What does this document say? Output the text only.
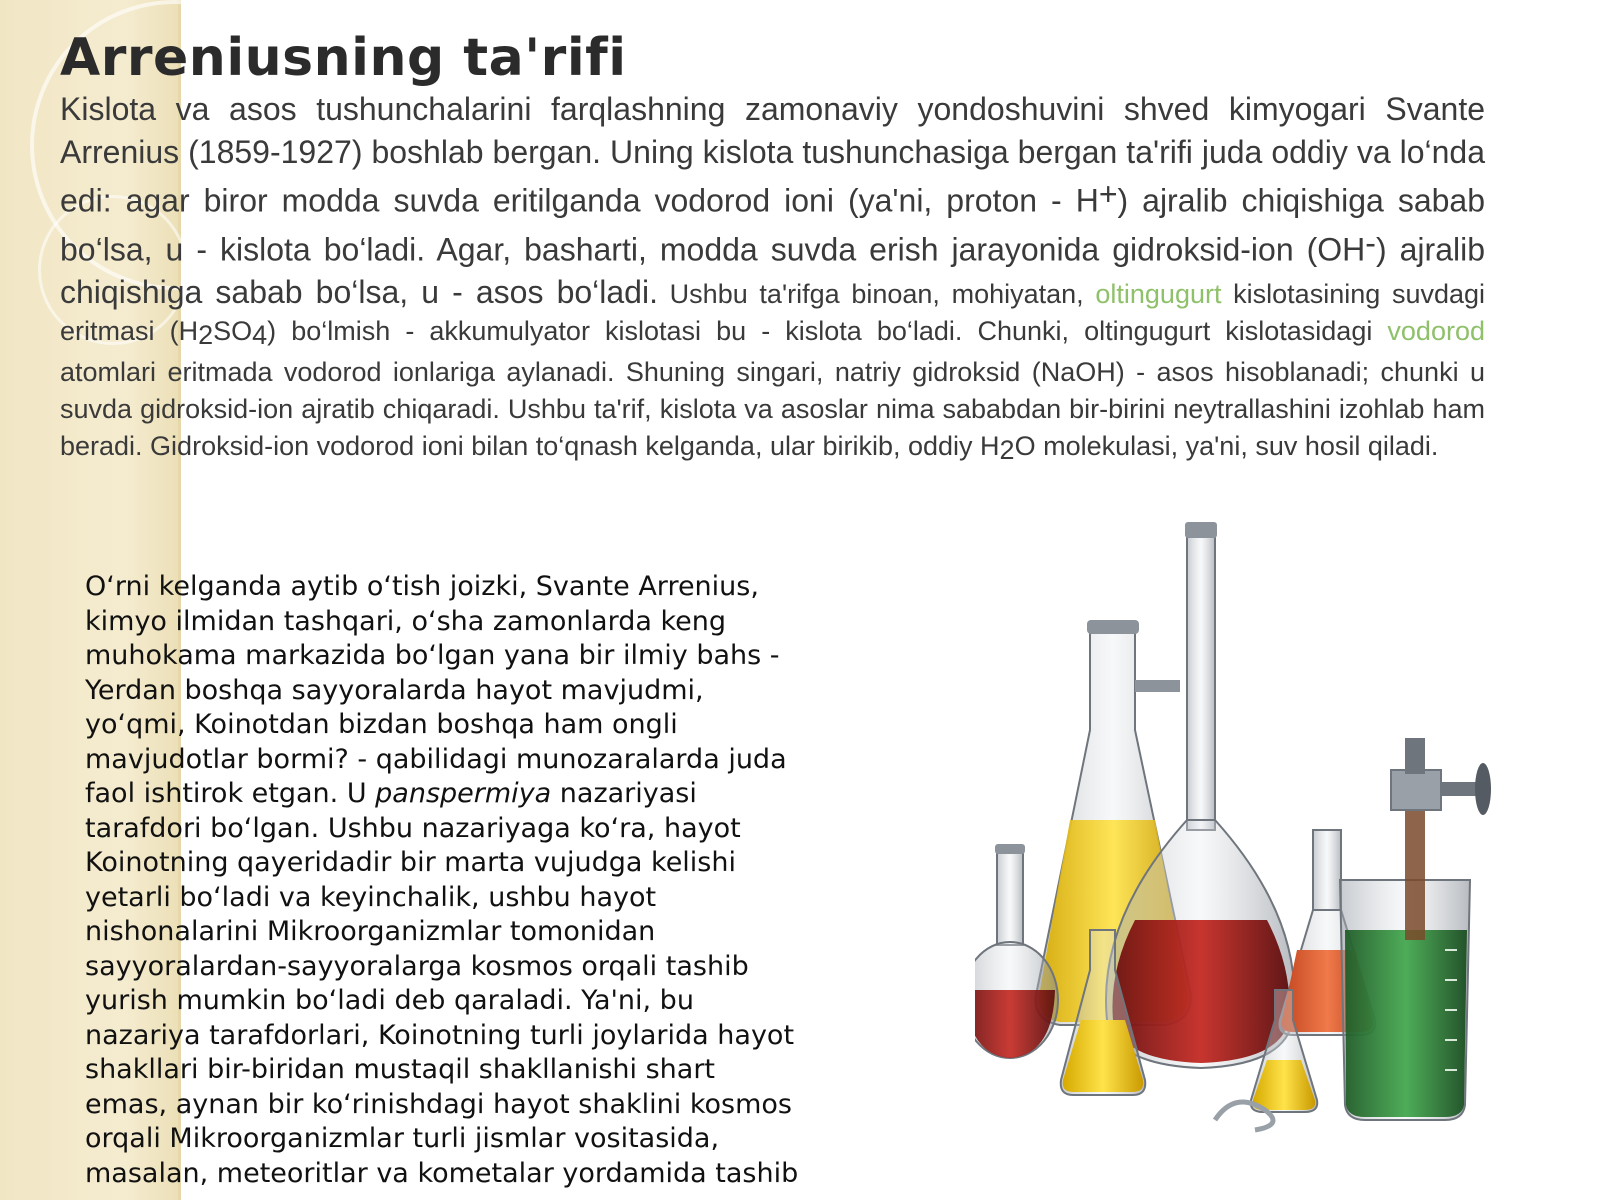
Arreniusning ta'rifi

Kislota va asos tushunchalarini farqlashning zamonaviy yondoshuvini shved kimyogari Svante Arrenius (1859-1927) boshlab bergan. Uning kislota tushunchasiga bergan ta'rifi juda oddiy va lo‘nda edi: agar biror modda suvda eritilganda vodorod ioni (ya'ni, proton - H+) ajralib chiqishiga sabab bo‘lsa, u - kislota bo‘ladi. Agar, basharti, modda suvda erish jarayonida gidroksid-ion (OH-) ajralib chiqishiga sabab bo‘lsa, u - asos bo‘ladi. Ushbu ta'rifga binoan, mohiyatan, oltingugurt kislotasining suvdagi eritmasi $(H_2SO_4)$ bo‘lmish - akkumulyator kislotasi bu - kislota bo‘ladi. Chunki, oltingugurt kislotasidagi vodorod atomlari eritmada vodorod ionlariga aylanadi. Shuning singari, natriy gidroksid (NaOH) - asos hisoblanadi; chunki u suvda gidroksid-ion ajratib chiqaradi. Ushbu ta'rif, kislota va asoslar nima sababdan bir-birini neytrallashini izohlab ham beradi. Gidroksid-ion vodorod ioni bilan to‘qnash kelganda, ular birikib, oddiy $H_2O$ molekulasi, ya'ni, suv hosil qiladi.

O‘rni kelganda aytib o‘tish joizki, Svante Arrenius, kimyo ilmidan tashqari, o‘sha zamonlarda keng muhokama markazida bo‘lgan yana bir ilmiy bahs - Yerdan boshqa sayyoralarda hayot mavjudmi, yo‘qmi, Koinotdan bizdan boshqa ham ongli mavjudotlar bormi? - qabilidagi munozaralarda juda faol ishtirok etgan. U panspermiya nazariyasi tarafdori bo‘lgan. Ushbu nazariyaga ko‘ra, hayot Koinotning qayeridadir bir marta vujudga kelishi yetarli bo‘ladi va keyinchalik, ushbu hayot nishonalarini Mikroorganizmlar tomonidan sayyoralardan-sayyoralarga kosmos orqali tashib yurish mumkin bo‘ladi deb qaraladi. Ya'ni, bu nazariya tarafdorlari, Koinotning turli joylarida hayot shakllari bir-biridan mustaqil shakllanishi shart emas, aynan bir ko‘rinishdagi hayot shaklini kosmos orqali Mikroorganizmlar turli jismlar vositasida, masalan, meteoritlar va kometalar yordamida tashib
